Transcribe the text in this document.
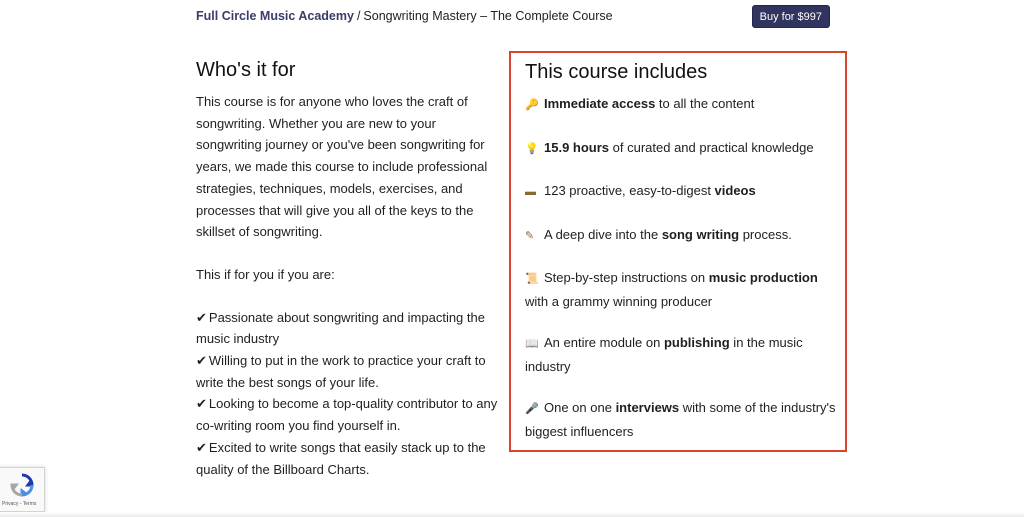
Full Circle Music Academy / Songwriting Mastery – The Complete Course	Buy for $997
Who's it for

This course is for anyone who loves the craft of songwriting. Whether you are new to your songwriting journey or you've been songwriting for years, we made this course to include professional strategies, techniques, models, exercises, and processes that will give you all of the keys to the skillset of songwriting.

This if for you if you are:

✔ Passionate about songwriting and impacting the music industry

✔ Willing to put in the work to practice your craft to write the best songs of your life.

✔ Looking to become a top-quality contributor to any co-writing room you find yourself in.

✔ Excited to write songs that easily stack up to the quality of the Billboard Charts.

This course includes
🔑 Immediate access to all the content
💡 15.9 hours of curated and practical knowledge
▬ 123 proactive, easy-to-digest videos
✎ A deep dive into the song writing process.
📜 Step-by-step instructions on music production with a grammy winning producer
📖 An entire module on publishing in the music industry
🎤 One on one interviews with some of the industry's biggest influencers
Privacy - Terms
